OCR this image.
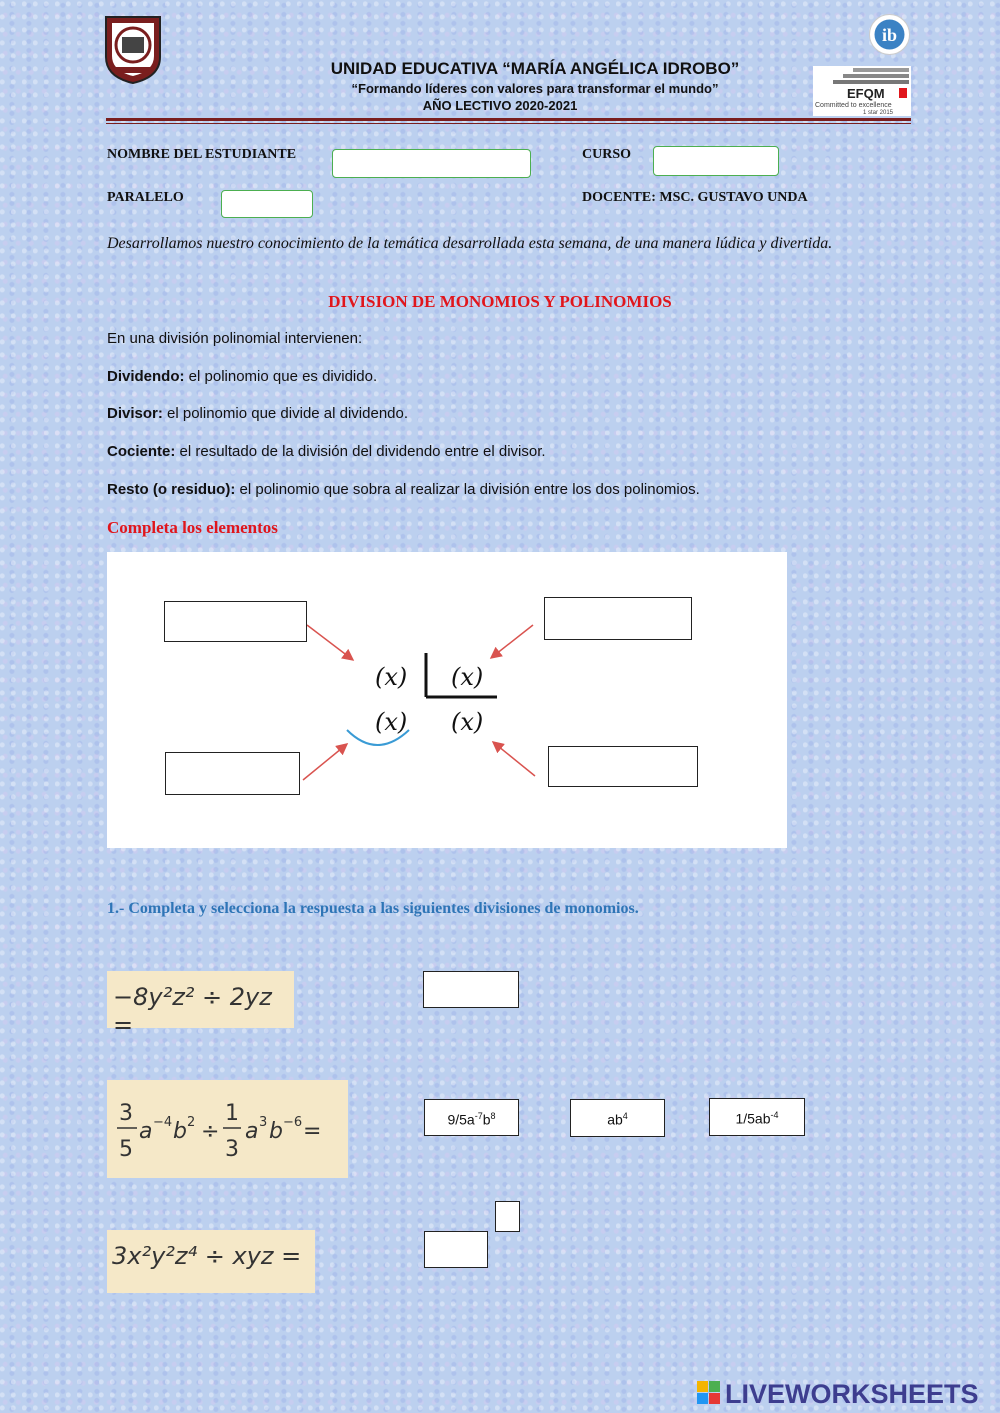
ib
EFQM
Committed to excellence
1 star 2015
UNIDAD EDUCATIVA “MARÍA ANGÉLICA IDROBO”
“Formando líderes con valores para transformar el mundo”
AÑO LECTIVO 2020-2021
NOMBRE DEL ESTUDIANTE	CURSO
PARALELO	DOCENTE: MSC. GUSTAVO UNDA
Desarrollamos nuestro conocimiento de la temática desarrollada esta semana, de una manera lúdica y divertida.
DIVISION DE MONOMIOS Y POLINOMIOS
En una división polinomial intervienen:
Dividendo: el polinomio que es dividido.
Divisor: el polinomio que divide al dividendo.
Cociente: el resultado de la división del dividendo entre el divisor.
Resto (o residuo): el polinomio que sobra al realizar la división entre los dos polinomios.
Completa los elementos
(x) (x)
(x) (x)
1.- Completa y selecciona la respuesta a las siguientes divisiones de monomios.
−8y²z² ÷ 2yz =
3
5
a −4 b 2 ÷
1
3
a 3 b −6 =	$9/5a^{-7}b^8$	$ab^4$	$1/5ab^{-4}$
3x²y²z⁴ ÷ xyz =
LIVEWORKSHEETS
